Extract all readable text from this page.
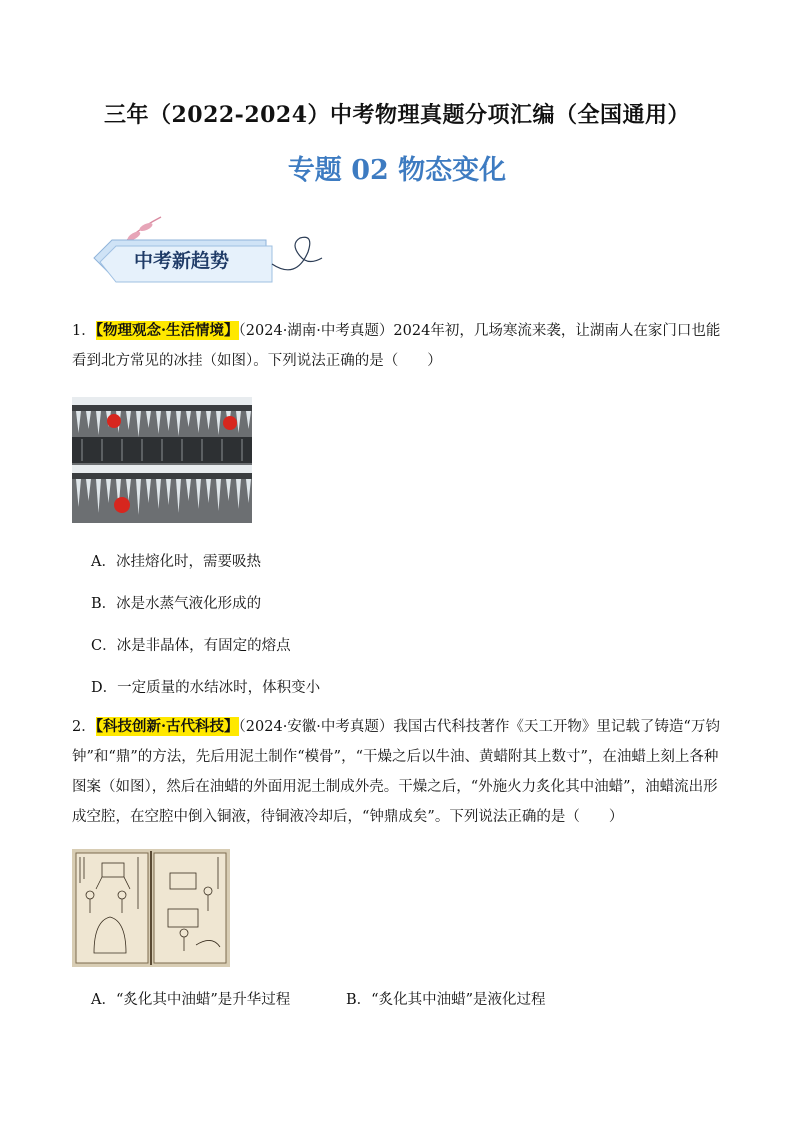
三年（2022-2024）中考物理真题分项汇编（全国通用）
专题 02 物态变化
中考新趋势
1．【物理观念·生活情境】（2024·湖南·中考真题）2024年初，几场寒流来袭，让湖南人在家门口也能看到北方常见的冰挂（如图）。下列说法正确的是（　　）
A．冰挂熔化时，需要吸热
B．冰是水蒸气液化形成的
C．冰是非晶体，有固定的熔点
D．一定质量的水结冰时，体积变小
2．【科技创新·古代科技】（2024·安徽·中考真题）我国古代科技著作《天工开物》里记载了铸造“万钧钟”和“鼎”的方法，先后用泥土制作“模骨”，“干燥之后以牛油、黄蜡附其上数寸”，在油蜡上刻上各种图案（如图），然后在油蜡的外面用泥土制成外壳。干燥之后，“外施火力炙化其中油蜡”，油蜡流出形成空腔，在空腔中倒入铜液，待铜液冷却后，“钟鼎成矣”。下列说法正确的是（　　）
A．“炙化其中油蜡”是升华过程	B．“炙化其中油蜡”是液化过程
